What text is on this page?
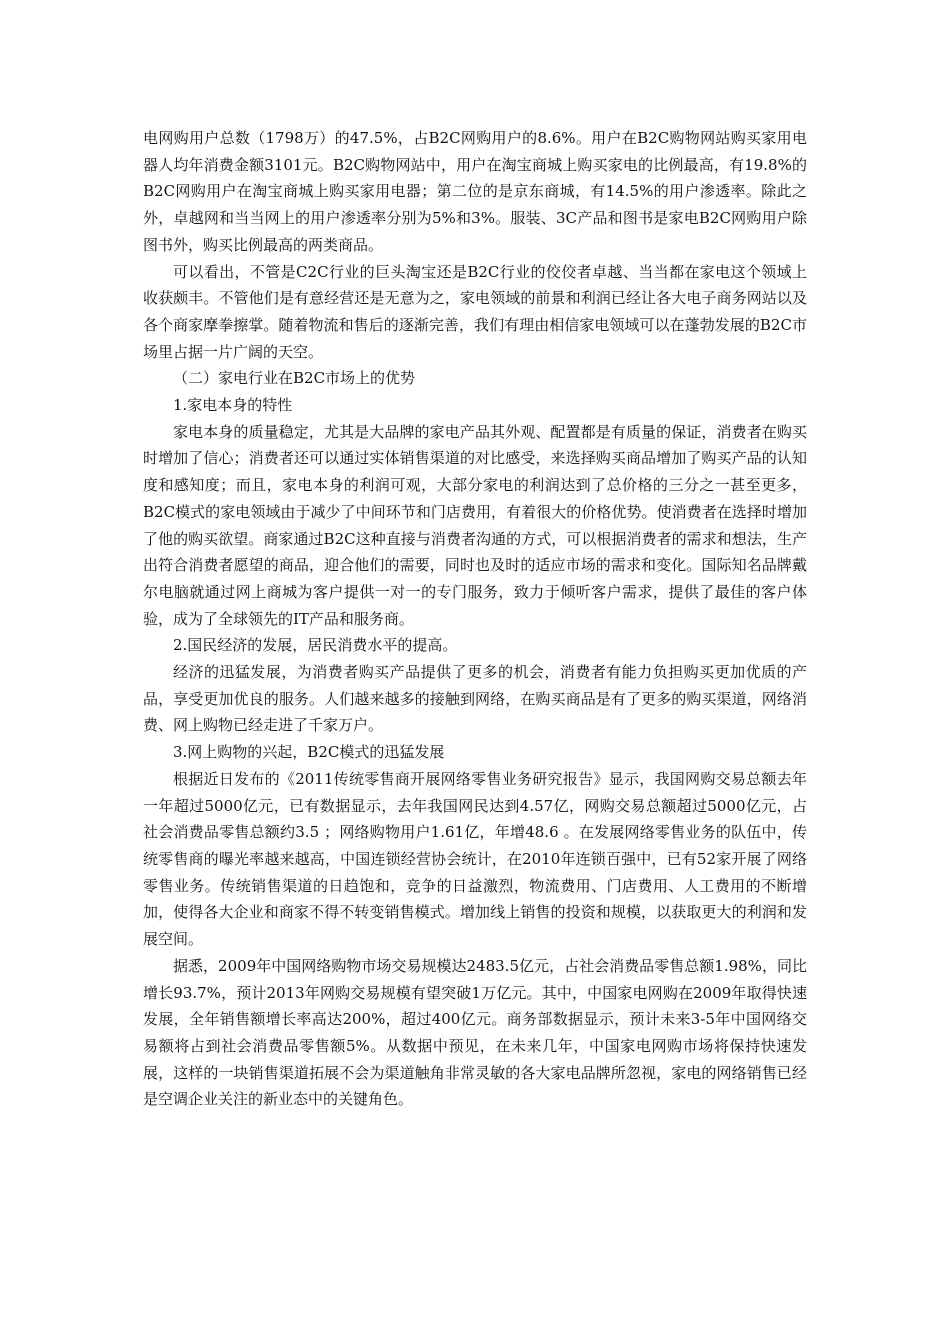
电网购用户总数（1798万）的47.5%，占B2C网购用户的8.6%。用户在B2C购物网站购买家用电器人均年消费金额3101元。B2C购物网站中，用户在淘宝商城上购买家电的比例最高，有19.8%的B2C网购用户在淘宝商城上购买家用电器；第二位的是京东商城，有14.5%的用户渗透率。除此之外，卓越网和当当网上的用户渗透率分别为5%和3%。服装、3C产品和图书是家电B2C网购用户除图书外，购买比例最高的两类商品。

可以看出，不管是C2C行业的巨头淘宝还是B2C行业的佼佼者卓越、当当都在家电这个领域上收获颇丰。不管他们是有意经营还是无意为之，家电领域的前景和利润已经让各大电子商务网站以及各个商家摩拳擦掌。随着物流和售后的逐渐完善，我们有理由相信家电领域可以在蓬勃发展的B2C市场里占据一片广阔的天空。

（二）家电行业在B2C市场上的优势

1.家电本身的特性

家电本身的质量稳定，尤其是大品牌的家电产品其外观、配置都是有质量的保证，消费者在购买时增加了信心；消费者还可以通过实体销售渠道的对比感受，来选择购买商品增加了购买产品的认知度和感知度；而且，家电本身的利润可观，大部分家电的利润达到了总价格的三分之一甚至更多，B2C模式的家电领域由于减少了中间环节和门店费用，有着很大的价格优势。使消费者在选择时增加了他的购买欲望。商家通过B2C这种直接与消费者沟通的方式，可以根据消费者的需求和想法，生产出符合消费者愿望的商品，迎合他们的需要，同时也及时的适应市场的需求和变化。国际知名品牌戴尔电脑就通过网上商城为客户提供一对一的专门服务，致力于倾听客户需求，提供了最佳的客户体验，成为了全球领先的IT产品和服务商。

2.国民经济的发展，居民消费水平的提高。

经济的迅猛发展，为消费者购买产品提供了更多的机会，消费者有能力负担购买更加优质的产品，享受更加优良的服务。人们越来越多的接触到网络，在购买商品是有了更多的购买渠道，网络消费、网上购物已经走进了千家万户。

3.网上购物的兴起，B2C模式的迅猛发展

根据近日发布的《2011传统零售商开展网络零售业务研究报告》显示，我国网购交易总额去年一年超过5000亿元，已有数据显示，去年我国网民达到4.57亿，网购交易总额超过5000亿元，占社会消费品零售总额约3.5 ；网络购物用户1.61亿，年增48.6 。在发展网络零售业务的队伍中，传统零售商的曝光率越来越高，中国连锁经营协会统计，在2010年连锁百强中，已有52家开展了网络零售业务。传统销售渠道的日趋饱和，竞争的日益激烈，物流费用、门店费用、人工费用的不断增加，使得各大企业和商家不得不转变销售模式。增加线上销售的投资和规模，以获取更大的利润和发展空间。

据悉，2009年中国网络购物市场交易规模达2483.5亿元，占社会消费品零售总额1.98%，同比增长93.7%，预计2013年网购交易规模有望突破1万亿元。其中，中国家电网购在2009年取得快速发展，全年销售额增长率高达200%，超过400亿元。商务部数据显示，预计未来3-5年中国网络交易额将占到社会消费品零售额5%。从数据中预见，在未来几年，中国家电网购市场将保持快速发展，这样的一块销售渠道拓展不会为渠道触角非常灵敏的各大家电品牌所忽视，家电的网络销售已经是空调企业关注的新业态中的关键角色。
